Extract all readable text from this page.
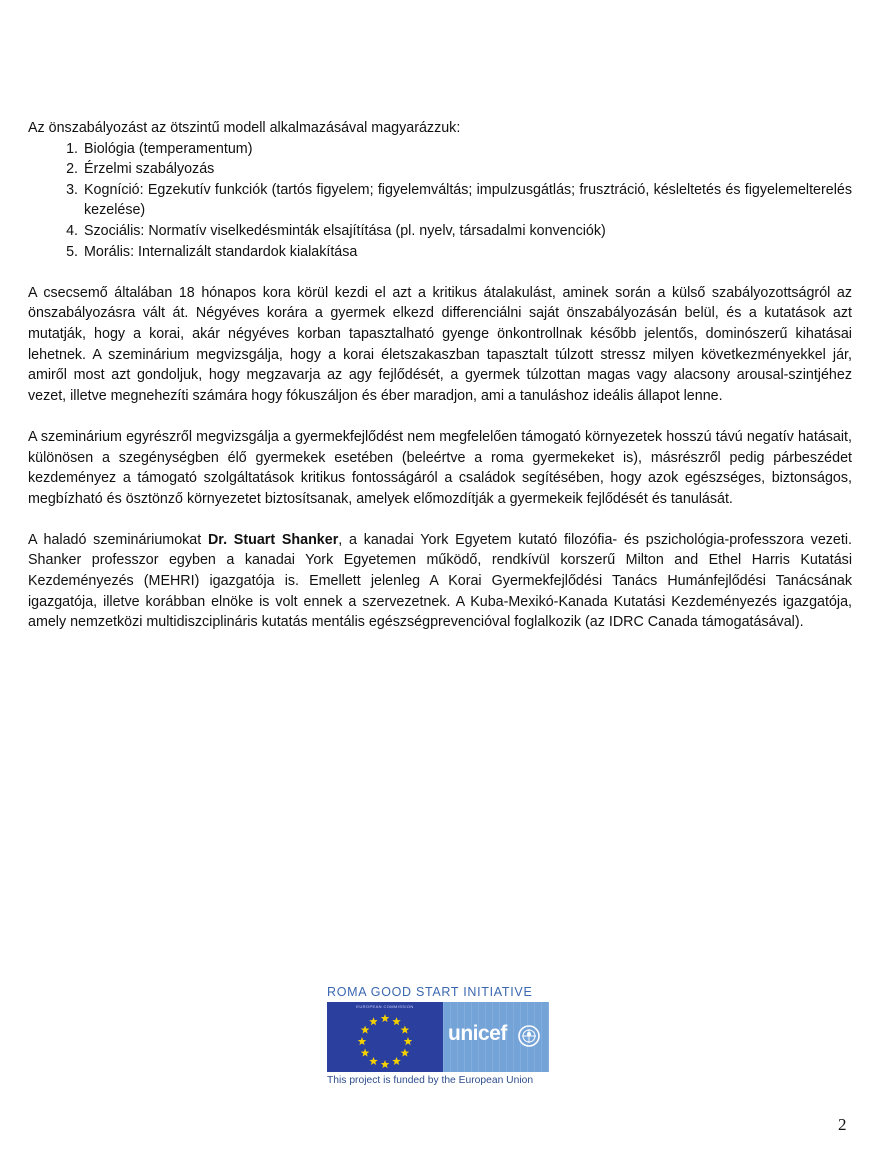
Az önszabályozást az ötszintű modell alkalmazásával magyarázzuk:

1. Biológia (temperamentum)
2. Érzelmi szabályozás
3. Kogníció: Egzekutív funkciók (tartós figyelem; figyelemváltás; impulzusgátlás; frusztráció, késleltetés és figyelemelterelés kezelése)
4. Szociális: Normatív viselkedésminták elsajítítása (pl. nyelv, társadalmi konvenciók)
5. Morális: Internalizált standardok kialakítása

A csecsemő általában 18 hónapos kora körül kezdi el azt a kritikus átalakulást, aminek során a külső szabályozottságról az önszabályozásra vált át. Négyéves korára a gyermek elkezd differenciálni saját önszabályozásán belül, és a kutatások azt mutatják, hogy a korai, akár négyéves korban tapasztalható gyenge önkontrollnak később jelentős, dominószerű kihatásai lehetnek. A szeminárium megvizsgálja, hogy a korai életszakaszban tapasztalt túlzott stressz milyen következményekkel jár, amiről most azt gondoljuk, hogy megzavarja az agy fejlődését, a gyermek túlzottan magas vagy alacsony arousal-szintjéhez vezet, illetve megnehezíti számára hogy fókuszáljon és éber maradjon, ami a tanuláshoz ideális állapot lenne.

A szeminárium egyrészről megvizsgálja a gyermekfejlődést nem megfelelően támogató környezetek hosszú távú negatív hatásait, különösen a szegénységben élő gyermekek esetében (beleértve a roma gyermekeket is), másrészről pedig párbeszédet kezdeményez a támogató szolgáltatások kritikus fontosságáról a családok segítésében, hogy azok egészséges, biztonságos, megbízható és ösztönző környezetet biztosítsanak, amelyek előmozdítják a gyermekeik fejlődését és tanulását.

A haladó szemináriumokat Dr. Stuart Shanker, a kanadai York Egyetem kutató filozófia- és pszichológia-professzora vezeti. Shanker professzor egyben a kanadai York Egyetemen működő, rendkívül korszerű Milton and Ethel Harris Kutatási Kezdeményezés (MEHRI) igazgatója is. Emellett jelenleg A Korai Gyermekfejlődési Tanács Humánfejlődési Tanácsának igazgatója, illetve korábban elnöke is volt ennek a szervezetnek. A Kuba-Mexikó-Kanada Kutatási Kezdeményezés igazgatója, amely nemzetközi multidiszciplináris kutatás mentális egészségprevencióval foglalkozik (az IDRC Canada támogatásával).

ROMA GOOD START INITIATIVE
EUROPEAN COMMISSION
unicef
This project is funded by the European Union
2
